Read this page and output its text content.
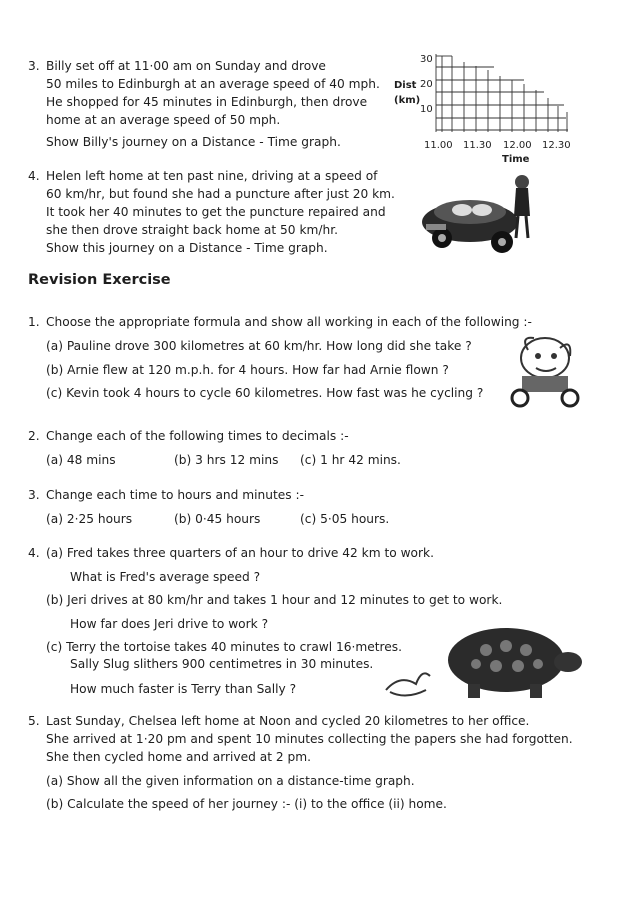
3. Billy set off at 11·00 am on Sunday and drove
50 miles to Edinburgh at an average speed of 40 mph.
He shopped for 45 minutes in Edinburgh, then drove
home at an average speed of 50 mph.
Show Billy's journey on a Distance - Time graph.
30
20
10
Dist
(km)
11.00 11.30 12.00 12.30
Time
4. Helen left home at ten past nine, driving at a speed of
60 km/hr, but found she had a puncture after just 20 km.
It took her 40 minutes to get the puncture repaired and
she then drove straight back home at 50 km/hr.
Show this journey on a Distance - Time graph.
Revision Exercise
1. Choose the appropriate formula and show all working in each of the following :-
(a) Pauline drove 300 kilometres at 60 km/hr. How long did she take ?
(b) Arnie flew at 120 m.p.h. for 4 hours. How far had Arnie flown ?
(c) Kevin took 4 hours to cycle 60 kilometres. How fast was he cycling ?
2. Change each of the following times to decimals :-
(a) 48 mins	(b) 3 hrs 12 mins (c) 1 hr 42 mins.
3. Change each time to hours and minutes :-
(a) 2·25 hours	(b) 0·45 hours	(c) 5·05 hours.
4. (a) Fred takes three quarters of an hour to drive 42 km to work.
What is Fred's average speed ?
(b) Jeri drives at 80 km/hr and takes 1 hour and 12 minutes to get to work.
How far does Jeri drive to work ?
(c) Terry the tortoise takes 40 minutes to crawl 16·metres.
Sally Slug slithers 900 centimetres in 30 minutes.
How much faster is Terry than Sally ?
5. Last Sunday, Chelsea left home at Noon and cycled 20 kilometres to her office.
She arrived at 1·20 pm and spent 10 minutes collecting the papers she had forgotten.
She then cycled home and arrived at 2 pm.
(a) Show all the given information on a distance-time graph.
(b) Calculate the speed of her journey :- (i) to the office (ii) home.
